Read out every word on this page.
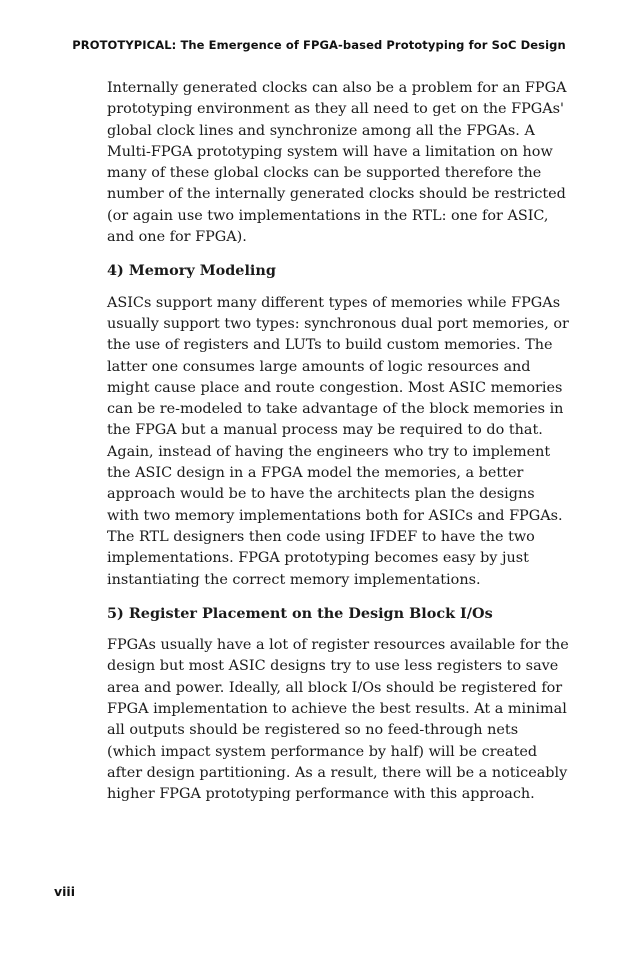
PROTOTYPICAL: The Emergence of FPGA-based Prototyping for SoC Design

Internally generated clocks can also be a problem for an FPGA prototyping environment as they all need to get on the FPGAs' global clock lines and synchronize among all the FPGAs. A Multi-FPGA prototyping system will have a limitation on how many of these global clocks can be supported therefore the number of the internally generated clocks should be restricted (or again use two implementations in the RTL: one for ASIC, and one for FPGA).

4) Memory Modeling

ASICs support many different types of memories while FPGAs usually support two types: synchronous dual port memories, or the use of registers and LUTs to build custom memories. The latter one consumes large amounts of logic resources and might cause place and route congestion. Most ASIC memories can be re-modeled to take advantage of the block memories in the FPGA but a manual process may be required to do that. Again, instead of having the engineers who try to implement the ASIC design in a FPGA model the memories, a better approach would be to have the architects plan the designs with two memory implementations both for ASICs and FPGAs. The RTL designers then code using IFDEF to have the two implementations. FPGA prototyping becomes easy by just instantiating the correct memory implementations.

5) Register Placement on the Design Block I/Os

FPGAs usually have a lot of register resources available for the design but most ASIC designs try to use less registers to save area and power. Ideally, all block I/Os should be registered for FPGA implementation to achieve the best results. At a minimal all outputs should be registered so no feed-through nets (which impact system performance by half) will be created after design partitioning. As a result, there will be a noticeably higher FPGA prototyping performance with this approach.

viii
